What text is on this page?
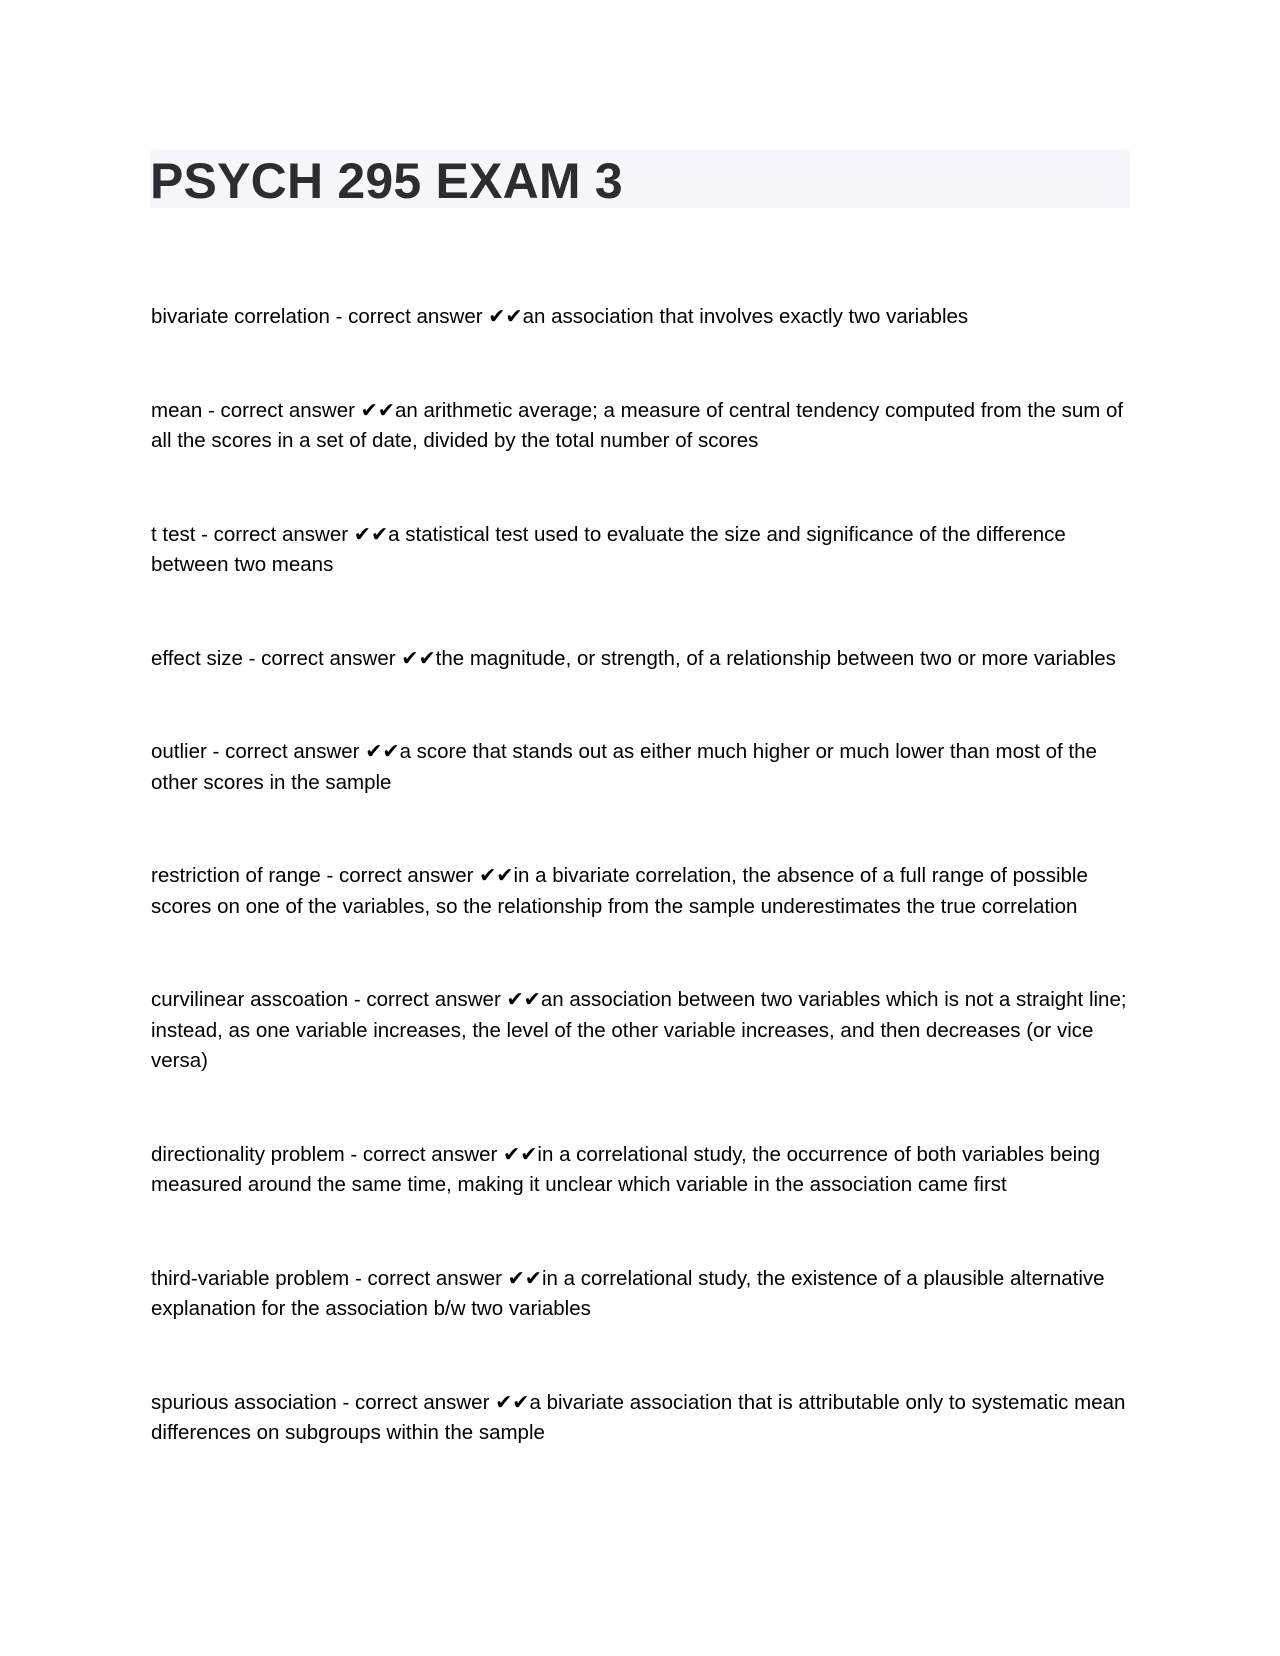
PSYCH 295 EXAM 3

bivariate correlation - correct answer ✔✔an association that involves exactly two variables

mean - correct answer ✔✔an arithmetic average; a measure of central tendency computed from the sum of all the scores in a set of date, divided by the total number of scores

t test - correct answer ✔✔a statistical test used to evaluate the size and significance of the difference between two means

effect size - correct answer ✔✔the magnitude, or strength, of a relationship between two or more variables

outlier - correct answer ✔✔a score that stands out as either much higher or much lower than most of the other scores in the sample

restriction of range - correct answer ✔✔in a bivariate correlation, the absence of a full range of possible scores on one of the variables, so the relationship from the sample underestimates the true correlation

curvilinear asscoation - correct answer ✔✔an association between two variables which is not a straight line; instead, as one variable increases, the level of the other variable increases, and then decreases (or vice versa)

directionality problem - correct answer ✔✔in a correlational study, the occurrence of both variables being measured around the same time, making it unclear which variable in the association came first

third-variable problem - correct answer ✔✔in a correlational study, the existence of a plausible alternative explanation for the association b/w two variables

spurious association - correct answer ✔✔a bivariate association that is attributable only to systematic mean differences on subgroups within the sample
